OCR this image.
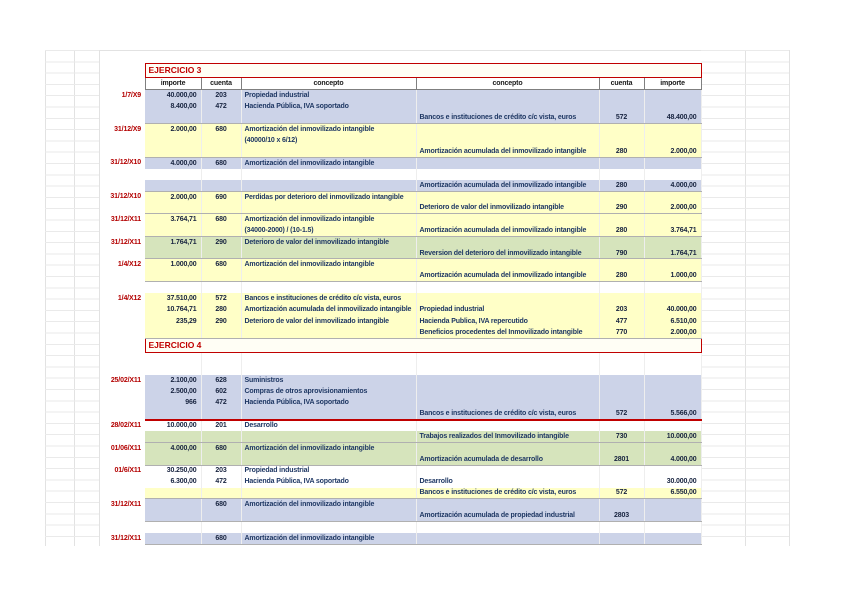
	EJERCICIO 3					
	importe	cuenta	concepto	concepto	cuenta	importe
1/7/X9	40.000,00	203	Propiedad industrial			
	8.400,00	472	Hacienda Pública, IVA soportado			
				Bancos e instituciones de crédito c/c vista, euros	572	48.400,00
31/12/X9	2.000,00	680	Amortización del inmovilizado intangible			
			(40000/10 x 6/12)			
				Amortización acumulada del inmovilizado intangible	280	2.000,00
31/12/X10	4.000,00	680	Amortización del inmovilizado intangible			

				Amortización acumulada del inmovilizado intangible	280	4.000,00
31/12/X10	2.000,00	690	Perdidas por deterioro del inmovilizado intangible			
				Deterioro de valor del inmovilizado intangible	290	2.000,00
31/12/X11	3.764,71	680	Amortización del inmovilizado intangible			
			(34000-2000) / (10-1.5)	Amortización acumulada del inmovilizado intangible	280	3.764,71
31/12/X11	1.764,71	290	Deterioro de valor del inmovilizado intangible			
				Reversion del deterioro del inmovilizado intangible	790	1.764,71
1/4/X12	1.000,00	680	Amortización del inmovilizado intangible			
				Amortización acumulada del inmovilizado intangible	280	1.000,00

1/4/X12	37.510,00	572	Bancos e instituciones de crédito c/c vista, euros			
	10.764,71	280	Amortización acumulada del inmovilizado intangible	Propiedad industrial	203	40.000,00
	235,29	290	Deterioro de valor del inmovilizado intangible	Hacienda Publica, IVA repercutido	477	6.510,00
				Beneficios procedentes del Inmovilizado intangible	770	2.000,00
	EJERCICIO 4					

25/02/X11	2.100,00	628	Suministros			
	2.500,00	602	Compras de otros aprovisionamientos			
	966	472	Hacienda Pública, IVA soportado			
				Bancos e instituciones de crédito c/c vista, euros	572	5.566,00
28/02/X11	10.000,00	201	Desarrollo			
				Trabajos realizados del Inmovilizado intangible	730	10.000,00
01/06/X11	4.000,00	680	Amortización del inmovilizado intangible			
				Amortización acumulada de desarrollo	2801	4.000,00
01/6/X11	30.250,00	203	Propiedad industrial			
	6.300,00	472	Hacienda Pública, IVA soportado	Desarrollo		30.000,00
				Bancos e instituciones de crédito c/c vista, euros	572	6.550,00
31/12/X11		680	Amortización del inmovilizado intangible			
				Amortización acumulada de propiedad industrial	2803	

31/12/X11		680	Amortización del inmovilizado intangible			
